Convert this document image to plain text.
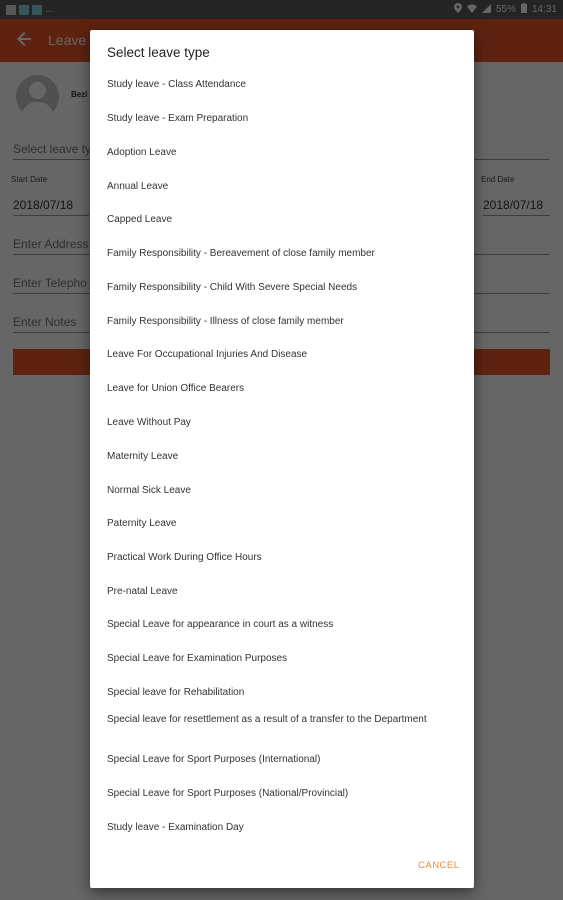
Select leave type
Study leave - Class Attendance
Study leave - Exam Preparation
Adoption Leave
Annual Leave
Capped Leave
Family Responsibility - Bereavement of close family member
Family Responsibility - Child With Severe Special Needs
Family Responsibility - Illness of close family member
Leave For Occupational Injuries And Disease
Leave for Union Office Bearers
Leave Without Pay
Maternity Leave
Normal Sick Leave
Paternity Leave
Practical Work During Office Hours
Pre-natal Leave
Special Leave for appearance in court as a witness
Special Leave for Examination Purposes
Special leave for Rehabilitation
Special leave for resettlement as a result of a transfer to the Department
Special Leave for Sport Purposes (International)
Special Leave for Sport Purposes (National/Provincial)
Study leave - Examination Day
CANCEL
